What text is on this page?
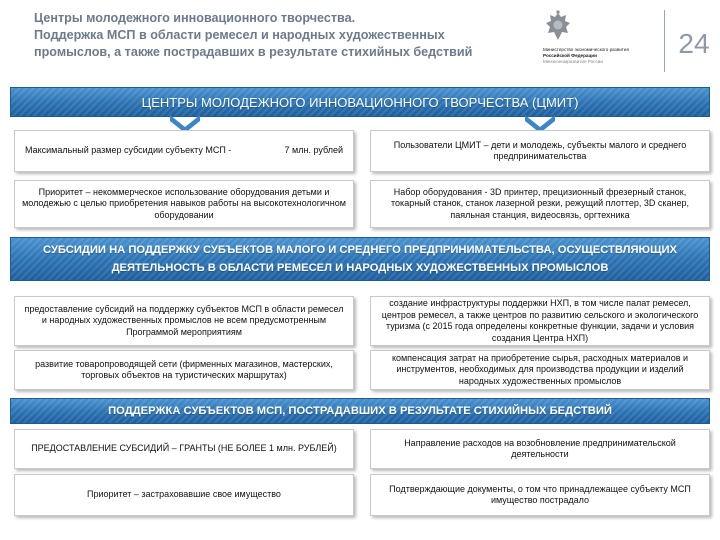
Центры молодежного инновационного творчества.
Поддержка МСП в области ремесел и народных художественных
промыслов, а также пострадавших в результате стихийных бедствий	Министерство экономического развития
Российской Федерации
Минэкономразвития России
24
ЦЕНТРЫ МОЛОДЕЖНОГО ИННОВАЦИОННОГО ТВОРЧЕСТВА (ЦМИТ)
Максимальный размер субсидии субъекту МСП -	7 млн. рублей
Пользователи ЦМИТ – дети и молодежь, субъекты малого и среднего предпринимательства
Приоритет – некоммерческое использование оборудования детьми и молодежью с целью приобретения навыков работы на высокотехнологичном оборудовании
Набор оборудования - 3D принтер, прецизионный фрезерный станок, токарный станок, станок лазерной резки, режущий плоттер, 3D сканер, паяльная станция, видеосвязь, оргтехника
СУБСИДИИ НА ПОДДЕРЖКУ СУБЪЕКТОВ МАЛОГО И СРЕДНЕГО ПРЕДПРИНИМАТЕЛЬСТВА, ОСУЩЕСТВЛЯЮЩИХ ДЕЯТЕЛЬНОСТЬ В ОБЛАСТИ РЕМЕСЕЛ И НАРОДНЫХ ХУДОЖЕСТВЕННЫХ ПРОМЫСЛОВ
предоставление субсидий на поддержку субъектов МСП в области ремесел и народных художественных промыслов не всем предусмотренным Программой мероприятиям
создание инфраструктуры поддержки НХП, в том числе палат ремесел, центров ремесел, а также центров по развитию сельского и экологического туризма (с 2015 года определены конкретные функции, задачи и условия создания Центра НХП)
развитие товаропроводящей сети (фирменных магазинов, мастерских, торговых объектов на туристических маршрутах)
компенсация затрат на приобретение сырья, расходных материалов и инструментов, необходимых для производства продукции и изделий народных художественных промыслов
ПОДДЕРЖКА СУБЪЕКТОВ МСП, ПОСТРАДАВШИХ В РЕЗУЛЬТАТЕ СТИХИЙНЫХ БЕДСТВИЙ
ПРЕДОСТАВЛЕНИЕ СУБСИДИЙ – ГРАНТЫ (НЕ БОЛЕЕ 1 млн. РУБЛЕЙ)
Направление расходов на возобновление предпринимательской деятельности
Приоритет – застраховавшие свое имущество
Подтверждающие документы, о том что принадлежащее субъекту МСП имущество пострадало
